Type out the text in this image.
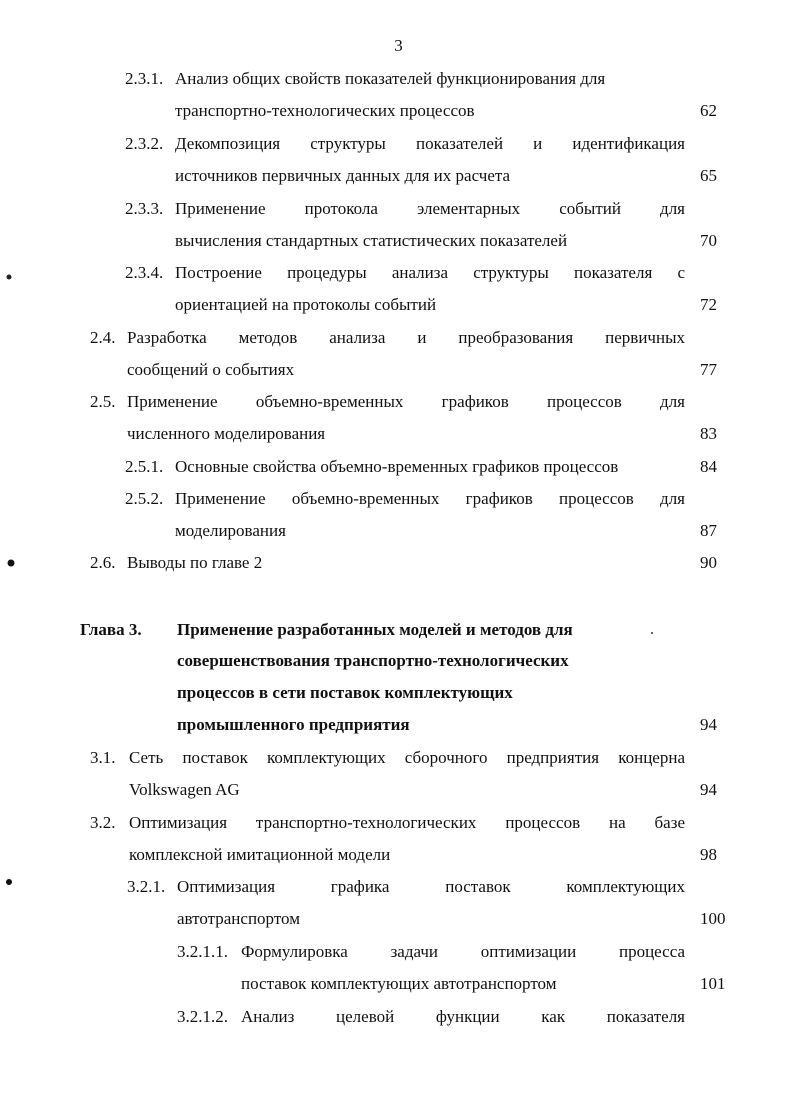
3
2.3.1. Анализ общих свойств показателей функционирования для
транспортно-технологических процессов	62
2.3.2. Декомпозиция структуры показателей и идентификация
источников первичных данных для их расчета	65
2.3.3. Применение протокола элементарных событий для
вычисления стандартных статистических показателей	70
2.3.4. Построение процедуры анализа структуры показателя с
ориентацией на протоколы событий	72
2.4. Разработка методов анализа и преобразования первичных
сообщений о событиях	77
2.5. Применение объемно-временных графиков процессов для
численного моделирования	83
2.5.1. Основные свойства объемно-временных графиков процессов	84
2.5.2. Применение объемно-временных графиков процессов для
моделирования	87
2.6. Выводы по главе 2	90
Глава 3. Применение разработанных моделей и методов для
совершенствования транспортно-технологических
процессов в сети поставок комплектующих
промышленного предприятия	94
3.1. Сеть поставок комплектующих сборочного предприятия концерна
Volkswagen AG	94
3.2. Оптимизация транспортно-технологических процессов на базе
комплексной имитационной модели	98
3.2.1. Оптимизация графика поставок комплектующих
автотранспортом	100
3.2.1.1. Формулировка задачи оптимизации процесса
поставок комплектующих автотранспортом	101
3.2.1.2. Анализ целевой функции как показателя
